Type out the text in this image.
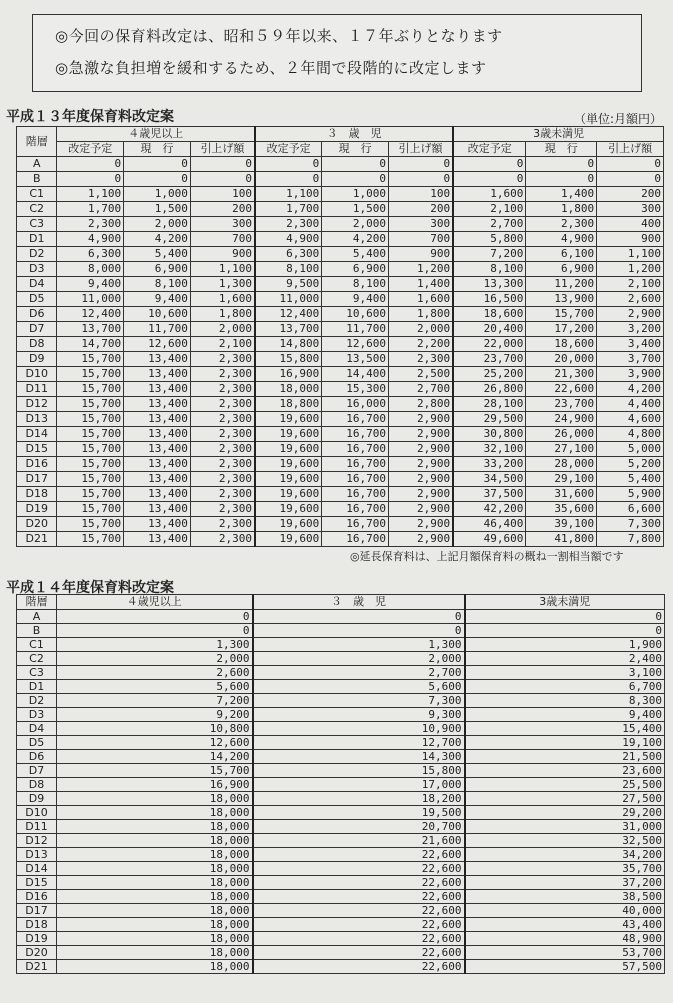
◎今回の保育料改定は、昭和５９年以来、１７年ぶりとなります
◎急激な負担増を緩和するため、２年間で段階的に改定します
平成１３年度保育料改定案	（単位:月額円）
階層	４歳児以上			３　歳　児			3歳未満児		
	改定予定	現　行	引上げ額	改定予定	現　行	引上げ額	改定予定	現　行	引上げ額
A	0	0	0	0	0	0	0	0	0
B	0	0	0	0	0	0	0	0	0
C1	1,100	1,000	100	1,100	1,000	100	1,600	1,400	200
C2	1,700	1,500	200	1,700	1,500	200	2,100	1,800	300
C3	2,300	2,000	300	2,300	2,000	300	2,700	2,300	400
D1	4,900	4,200	700	4,900	4,200	700	5,800	4,900	900
D2	6,300	5,400	900	6,300	5,400	900	7,200	6,100	1,100
D3	8,000	6,900	1,100	8,100	6,900	1,200	8,100	6,900	1,200
D4	9,400	8,100	1,300	9,500	8,100	1,400	13,300	11,200	2,100
D5	11,000	9,400	1,600	11,000	9,400	1,600	16,500	13,900	2,600
D6	12,400	10,600	1,800	12,400	10,600	1,800	18,600	15,700	2,900
D7	13,700	11,700	2,000	13,700	11,700	2,000	20,400	17,200	3,200
D8	14,700	12,600	2,100	14,800	12,600	2,200	22,000	18,600	3,400
D9	15,700	13,400	2,300	15,800	13,500	2,300	23,700	20,000	3,700
D10	15,700	13,400	2,300	16,900	14,400	2,500	25,200	21,300	3,900
D11	15,700	13,400	2,300	18,000	15,300	2,700	26,800	22,600	4,200
D12	15,700	13,400	2,300	18,800	16,000	2,800	28,100	23,700	4,400
D13	15,700	13,400	2,300	19,600	16,700	2,900	29,500	24,900	4,600
D14	15,700	13,400	2,300	19,600	16,700	2,900	30,800	26,000	4,800
D15	15,700	13,400	2,300	19,600	16,700	2,900	32,100	27,100	5,000
D16	15,700	13,400	2,300	19,600	16,700	2,900	33,200	28,000	5,200
D17	15,700	13,400	2,300	19,600	16,700	2,900	34,500	29,100	5,400
D18	15,700	13,400	2,300	19,600	16,700	2,900	37,500	31,600	5,900
D19	15,700	13,400	2,300	19,600	16,700	2,900	42,200	35,600	6,600
D20	15,700	13,400	2,300	19,600	16,700	2,900	46,400	39,100	7,300
D21	15,700	13,400	2,300	19,600	16,700	2,900	49,600	41,800	7,800
◎延長保育料は、上記月額保育料の概ね一割相当額です
平成１４年度保育料改定案
階層	４歳児以上	３　歳　児	3歳未満児
A	0	0	0
B	0	0	0
C1	1,300	1,300	1,900
C2	2,000	2,000	2,400
C3	2,600	2,700	3,100
D1	5,600	5,600	6,700
D2	7,200	7,300	8,300
D3	9,200	9,300	9,400
D4	10,800	10,900	15,400
D5	12,600	12,700	19,100
D6	14,200	14,300	21,500
D7	15,700	15,800	23,600
D8	16,900	17,000	25,500
D9	18,000	18,200	27,500
D10	18,000	19,500	29,200
D11	18,000	20,700	31,000
D12	18,000	21,600	32,500
D13	18,000	22,600	34,200
D14	18,000	22,600	35,700
D15	18,000	22,600	37,200
D16	18,000	22,600	38,500
D17	18,000	22,600	40,000
D18	18,000	22,600	43,400
D19	18,000	22,600	48,900
D20	18,000	22,600	53,700
D21	18,000	22,600	57,500
